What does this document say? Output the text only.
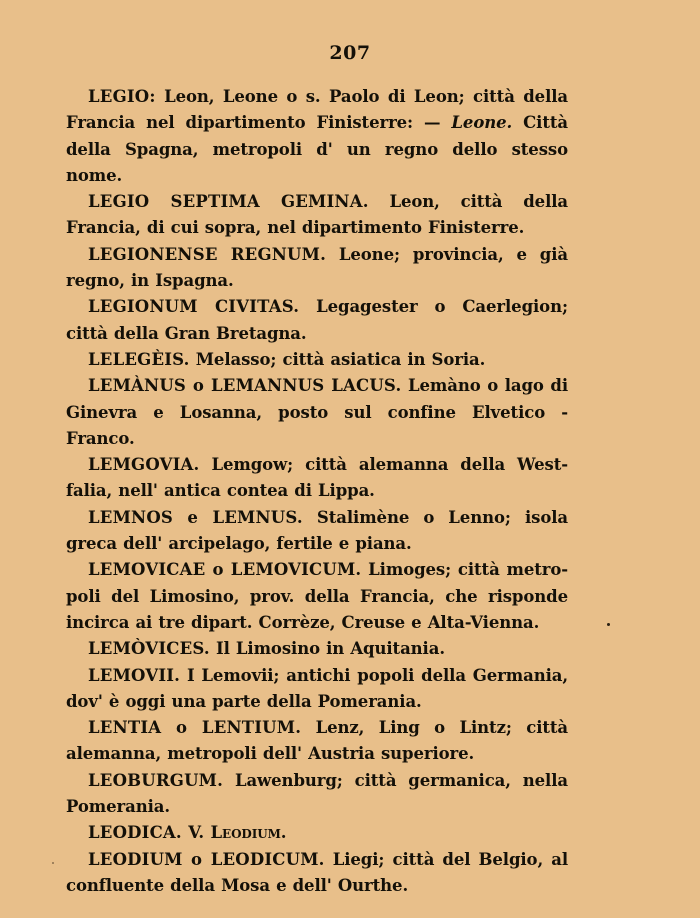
207

LEGIO: Leon, Leone o s. Paolo di Leon; città della Francia nel dipartimento Finisterre: — Leone. Città della Spagna, metropoli d' un regno dello stesso nome.

LEGIO SEPTIMA GEMINA. Leon, città della Francia, di cui sopra, nel dipartimento Finisterre.

LEGIONENSE REGNUM. Leone; provincia, e già regno, in Ispagna.

LEGIONUM CIVITAS. Legagester o Caerlegion; città della Gran Bretagna.

LELEGÈIS. Melasso; città asiatica in Soria.

LEMÀNUS o LEMANNUS LACUS. Lemàno o lago di Ginevra e Losanna, posto sul confine Elvetico - Franco.

LEMGOVIA. Lemgow; città alemanna della West-falia, nell' antica contea di Lippa.

LEMNOS e LEMNUS. Stalimène o Lenno; isola greca dell' arcipelago, fertile e piana.

LEMOVICAE o LEMOVICUM. Limoges; città metro-poli del Limosino, prov. della Francia, che risponde incirca ai tre dipart. Corrèze, Creuse e Alta-Vienna.

LEMÒVICES. Il Limosino in Aquitania.

LEMOVII. I Lemovii; antichi popoli della Germania, dov' è oggi una parte della Pomerania.

LENTIA o LENTIUM. Lenz, Ling o Lintz; città alemanna, metropoli dell' Austria superiore.

LEOBURGUM. Lawenburg; città germanica, nella Pomerania.

LEODICA. V. Leodium.

LEODIUM o LEODICUM. Liegi; città del Belgio, al confluente della Mosa e dell' Ourthe.
